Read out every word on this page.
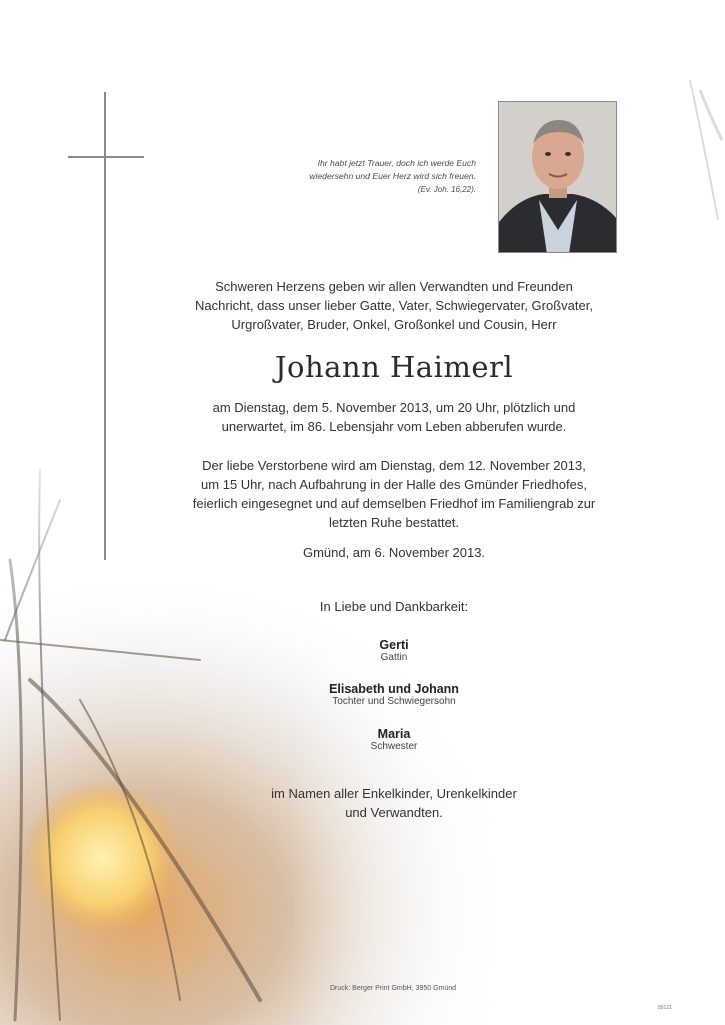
Ihr habt jetzt Trauer, doch ich werde Euch
wiedersehn und Euer Herz wird sich freuen.
(Ev. Joh. 16,22).
Schweren Herzens geben wir allen Verwandten und Freunden
Nachricht, dass unser lieber Gatte, Vater, Schwiegervater, Großvater,
Urgroßvater, Bruder, Onkel, Großonkel und Cousin, Herr
Johann Haimerl
am Dienstag, dem 5. November 2013, um 20 Uhr, plötzlich und
unerwartet, im 86. Lebensjahr vom Leben abberufen wurde.
Der liebe Verstorbene wird am Dienstag, dem 12. November 2013,
um 15 Uhr, nach Aufbahrung in der Halle des Gmünder Friedhofes,
feierlich eingesegnet und auf demselben Friedhof im Familiengrab zur
letzten Ruhe bestattet.
Gmünd, am 6. November 2013.
In Liebe und Dankbarkeit:
Gerti
Gattin
Elisabeth und Johann
Tochter und Schwiegersohn
Maria
Schwester
im Namen aller Enkelkinder, Urenkelkinder
und Verwandten.
Druck: Berger Print GmbH, 3950 Gmünd
89121
